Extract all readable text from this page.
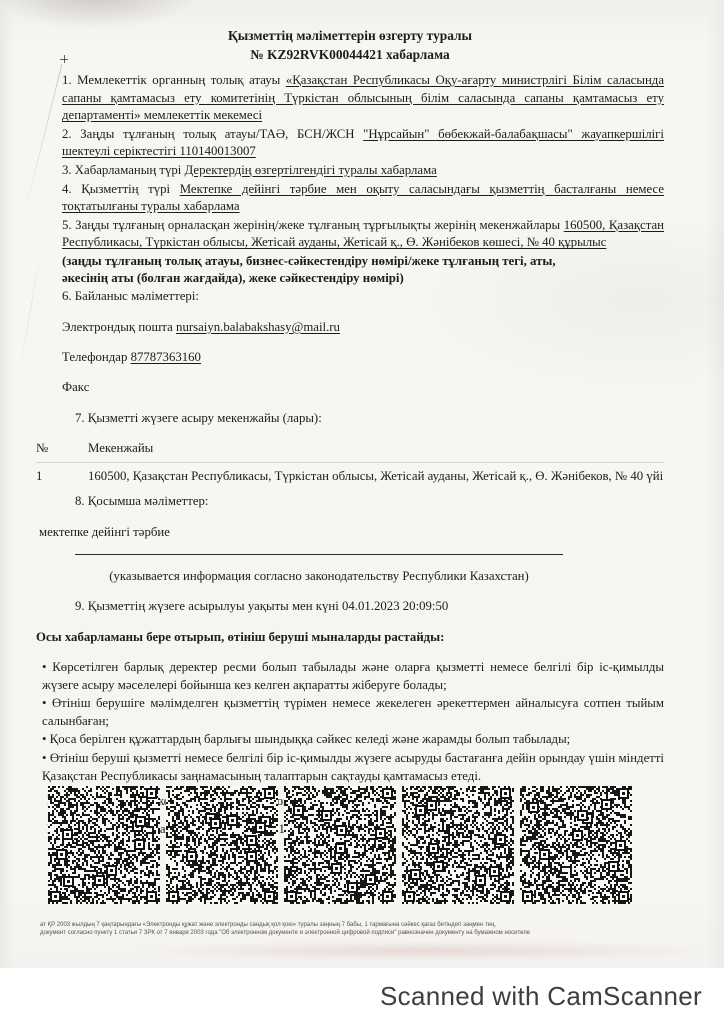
Қызметтің мәліметтерін өзгерту туралы
№ KZ92RVK00044421 хабарлама

1. Мемлекеттік органның толық атауы «Қазақстан Республикасы Оқу-ағарту министрлігі Білім саласында сапаны қамтамасыз ету комитетінің Түркістан облысының білім саласында сапаны қамтамасыз ету департаменті» мемлекеттік мекемесі

2. Заңды тұлғаның толық атауы/ТАӘ, БСН/ЖСН "Нұрсайын" бөбекжай-балабақшасы" жауапкершілігі шектеулі серіктестігі 110140013007

3. Хабарламаның түрі Деректердің өзгертілгендігі туралы хабарлама

4. Қызметтің түрі Мектепке дейінгі тәрбие мен оқыту саласындағы қызметтің басталғаны немесе тоқтатылғаны туралы хабарлама

5. Заңды тұлғаның орналасқан жерінің/жеке тұлғаның тұрғылықты жерінің мекенжайлары 160500, Қазақстан Республикасы, Түркістан облысы, Жетісай ауданы, Жетісай қ., Ө. Жәнібеков көшесі, № 40 құрылыс

(заңды тұлғаның толық атауы, бизнес-сәйкестендіру нөмірі/жеке тұлғаның тегі, аты, әкесінің аты (болған жағдайда), жеке сәйкестендіру нөмірі)

6. Байланыс мәліметтері:

Электрондық пошта nursaiyn.balabakshasy@mail.ru

Телефондар 87787363160

Факс

7. Қызметті жүзеге асыру мекенжайы (лары):

№	Мекенжайы
1	160500, Қазақстан Республикасы, Түркістан облысы, Жетісай ауданы, Жетісай қ., Ө. Жәнібеков, № 40 үйі

8. Қосымша мәліметтер:

мектепке дейінгі тәрбие

(указывается информация согласно законодательству Республики Казахстан)

9. Қызметтің жүзеге асырылуы уақыты мен күні 04.01.2023 20:09:50

Осы хабарламаны бере отырып, өтініш беруші мыналарды растайды:

• Көрсетілген барлық деректер ресми болып табылады және оларға қызметті немесе белгілі бір іс-қимылды жүзеге асыру мәселелері бойынша кез келген ақпаратты жіберуге болады;

• Өтініш берушіге мәлімделген қызметтің түрімен немесе жекелеген әрекеттермен айналысуға сотпен тыйым салынбаған;

• Қоса берілген құжаттардың барлығы шындыққа сәйкес келеді және жарамды болып табылады;

• Өтініш беруші қызметті немесе белгілі бір іс-қимылды жүзеге асыруды бастағанға дейін орындау үшін міндетті Қазақстан Республикасы заңнамасының талаптарын сақтауды қамтамасыз етеді.

ат ҚР 2003 жылдың 7 қаңтарындағы «Электронды құжат және электронды сандық қол қою» туралы заңның 7 бабы, 1 тармағына сәйкес қағаз бетіндегі заңмен тең,
документ согласно пункту 1 статьи 7 ЗРК от 7 января 2003 года "Об электронном документе и электронной цифровой подписи" равнозначен документу на бумажном носителе
Scanned with CamScanner
